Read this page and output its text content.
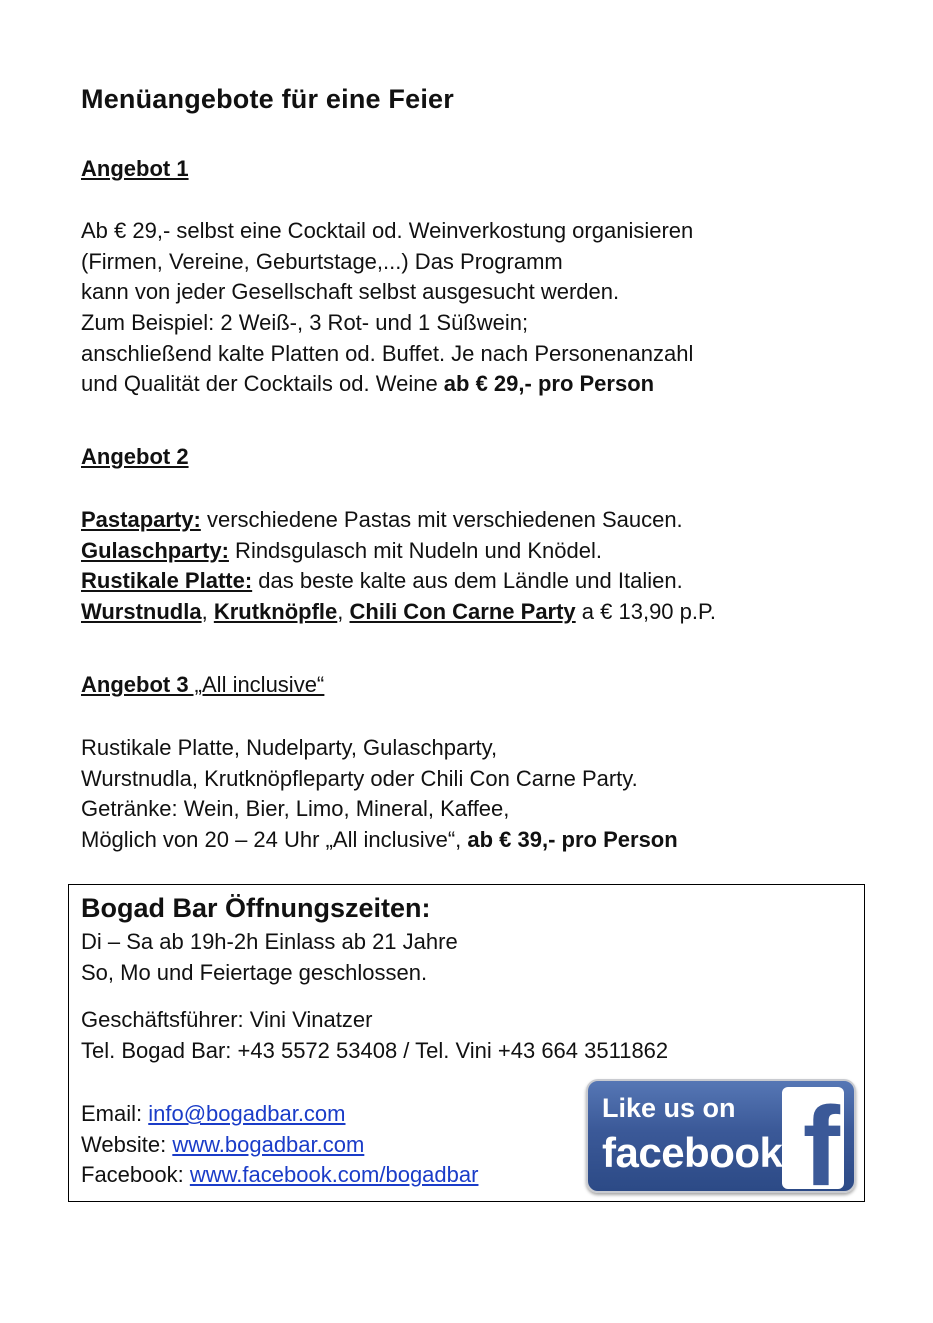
Menüangebote für eine Feier
Angebot 1
Ab € 29,- selbst eine Cocktail od. Weinverkostung organisieren
(Firmen, Vereine, Geburtstage,...) Das Programm
kann von jeder Gesellschaft selbst ausgesucht werden.
Zum Beispiel: 2 Weiß-, 3 Rot- und 1 Süßwein;
anschließend kalte Platten od. Buffet. Je nach Personenanzahl
und Qualität der Cocktails od. Weine ab € 29,- pro Person
Angebot 2
Pastaparty: verschiedene Pastas mit verschiedenen Saucen.
Gulaschparty: Rindsgulasch mit Nudeln und Knödel.
Rustikale Platte: das beste kalte aus dem Ländle und Italien.
Wurstnudla, Krutknöpfle, Chili Con Carne Party a € 13,90 p.P.
Angebot 3 „All inclusive“
Rustikale Platte, Nudelparty, Gulaschparty,
Wurstnudla, Krutknöpfleparty oder Chili Con Carne Party.
Getränke: Wein, Bier, Limo, Mineral, Kaffee,
Möglich von 20 – 24 Uhr „All inclusive“, ab € 39,- pro Person
Bogad Bar Öffnungszeiten:
Di – Sa ab 19h-2h Einlass ab 21 Jahre
So, Mo und Feiertage geschlossen.
Geschäftsführer: Vini Vinatzer
Tel. Bogad Bar: +43 5572 53408 / Tel. Vini +43 664 3511862
Email: info@bogadbar.com
Website: www.bogadbar.com
Facebook: www.facebook.com/bogadbar	f
Like us on
facebook
